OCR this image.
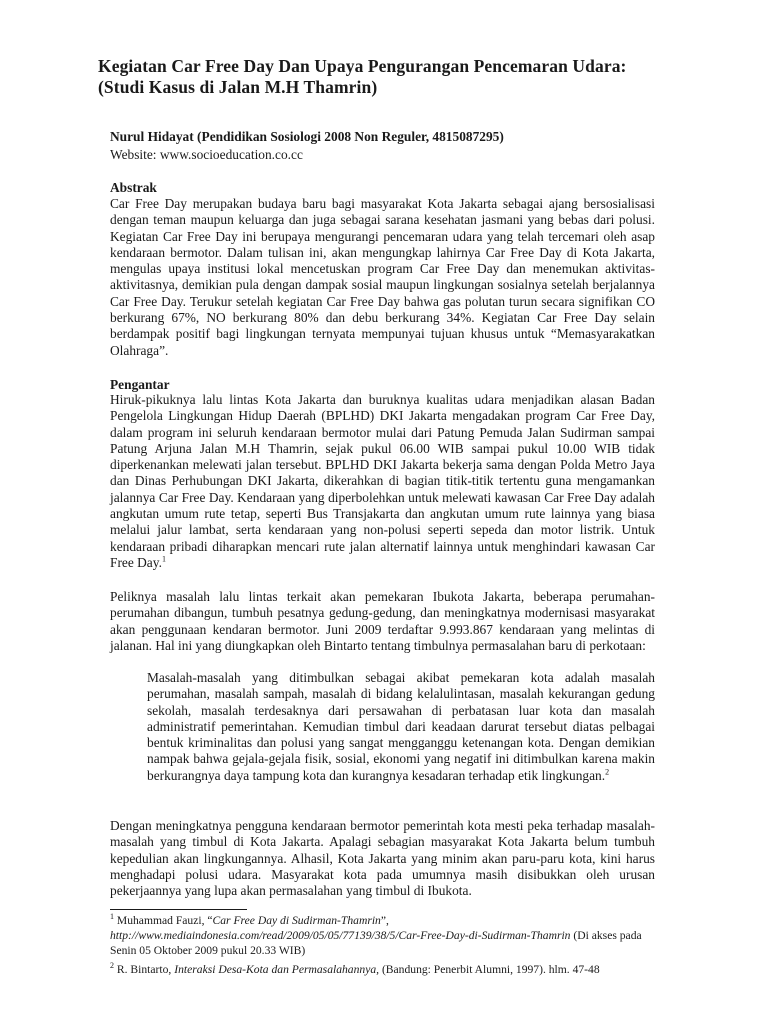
Kegiatan Car Free Day Dan Upaya Pengurangan Pencemaran Udara:
(Studi Kasus di Jalan M.H Thamrin)
Nurul Hidayat (Pendidikan Sosiologi 2008 Non Reguler, 4815087295)
Website: www.socioeducation.co.cc
Abstrak
Car Free Day merupakan budaya baru bagi masyarakat Kota Jakarta sebagai ajang bersosialisasi dengan teman maupun keluarga dan juga sebagai sarana kesehatan jasmani yang bebas dari polusi. Kegiatan Car Free Day ini berupaya mengurangi pencemaran udara yang telah tercemari oleh asap kendaraan bermotor. Dalam tulisan ini, akan mengungkap lahirnya Car Free Day di Kota Jakarta, mengulas upaya institusi lokal mencetuskan program Car Free Day dan menemukan aktivitas-aktivitasnya, demikian pula dengan dampak sosial maupun lingkungan sosialnya setelah berjalannya Car Free Day. Terukur setelah kegiatan Car Free Day bahwa gas polutan turun secara signifikan CO berkurang 67%, NO berkurang 80% dan debu berkurang 34%. Kegiatan Car Free Day selain berdampak positif bagi lingkungan ternyata mempunyai tujuan khusus untuk “Memasyarakatkan Olahraga”.
Pengantar
Hiruk-pikuknya lalu lintas Kota Jakarta dan buruknya kualitas udara menjadikan alasan Badan Pengelola Lingkungan Hidup Daerah (BPLHD) DKI Jakarta mengadakan program Car Free Day, dalam program ini seluruh kendaraan bermotor mulai dari Patung Pemuda Jalan Sudirman sampai Patung Arjuna Jalan M.H Thamrin, sejak pukul 06.00 WIB sampai pukul 10.00 WIB tidak diperkenankan melewati jalan tersebut. BPLHD DKI Jakarta bekerja sama dengan Polda Metro Jaya dan Dinas Perhubungan DKI Jakarta, dikerahkan di bagian titik-titik tertentu guna mengamankan jalannya Car Free Day. Kendaraan yang diperbolehkan untuk melewati kawasan Car Free Day adalah angkutan umum rute tetap, seperti Bus Transjakarta dan angkutan umum rute lainnya yang biasa melalui jalur lambat, serta kendaraan yang non-polusi seperti sepeda dan motor listrik. Untuk kendaraan pribadi diharapkan mencari rute jalan alternatif lainnya untuk menghindari kawasan Car Free Day.$^1$
Peliknya masalah lalu lintas terkait akan pemekaran Ibukota Jakarta, beberapa perumahan-perumahan dibangun, tumbuh pesatnya gedung-gedung, dan meningkatnya modernisasi masyarakat akan penggunaan kendaran bermotor. Juni 2009 terdaftar 9.993.867 kendaraan yang melintas di jalanan. Hal ini yang diungkapkan oleh Bintarto tentang timbulnya permasalahan baru di perkotaan:
Masalah-masalah yang ditimbulkan sebagai akibat pemekaran kota adalah masalah perumahan, masalah sampah, masalah di bidang kelalulintasan, masalah kekurangan gedung sekolah, masalah terdesaknya dari persawahan di perbatasan luar kota dan masalah administratif pemerintahan. Kemudian timbul dari keadaan darurat tersebut diatas pelbagai bentuk kriminalitas dan polusi yang sangat mengganggu ketenangan kota. Dengan demikian nampak bahwa gejala-gejala fisik, sosial, ekonomi yang negatif ini ditimbulkan karena makin berkurangnya daya tampung kota dan kurangnya kesadaran terhadap etik lingkungan.$^2$
Dengan meningkatnya pengguna kendaraan bermotor pemerintah kota mesti peka terhadap masalah-masalah yang timbul di Kota Jakarta. Apalagi sebagian masyarakat Kota Jakarta belum tumbuh kepedulian akan lingkungannya. Alhasil, Kota Jakarta yang minim akan paru-paru kota, kini harus menghadapi polusi udara. Masyarakat kota pada umumnya masih disibukkan oleh urusan pekerjaannya yang lupa akan permasalahan yang timbul di Ibukota.
$^1$ Muhammad Fauzi, “Car Free Day di Sudirman-Thamrin”,
http://www.mediaindonesia.com/read/2009/05/05/77139/38/5/Car-Free-Day-di-Sudirman-Thamrin (Di akses pada Senin 05 Oktober 2009 pukul 20.33 WIB)
$^2$ R. Bintarto, Interaksi Desa-Kota dan Permasalahannya, (Bandung: Penerbit Alumni, 1997). hlm. 47-48
